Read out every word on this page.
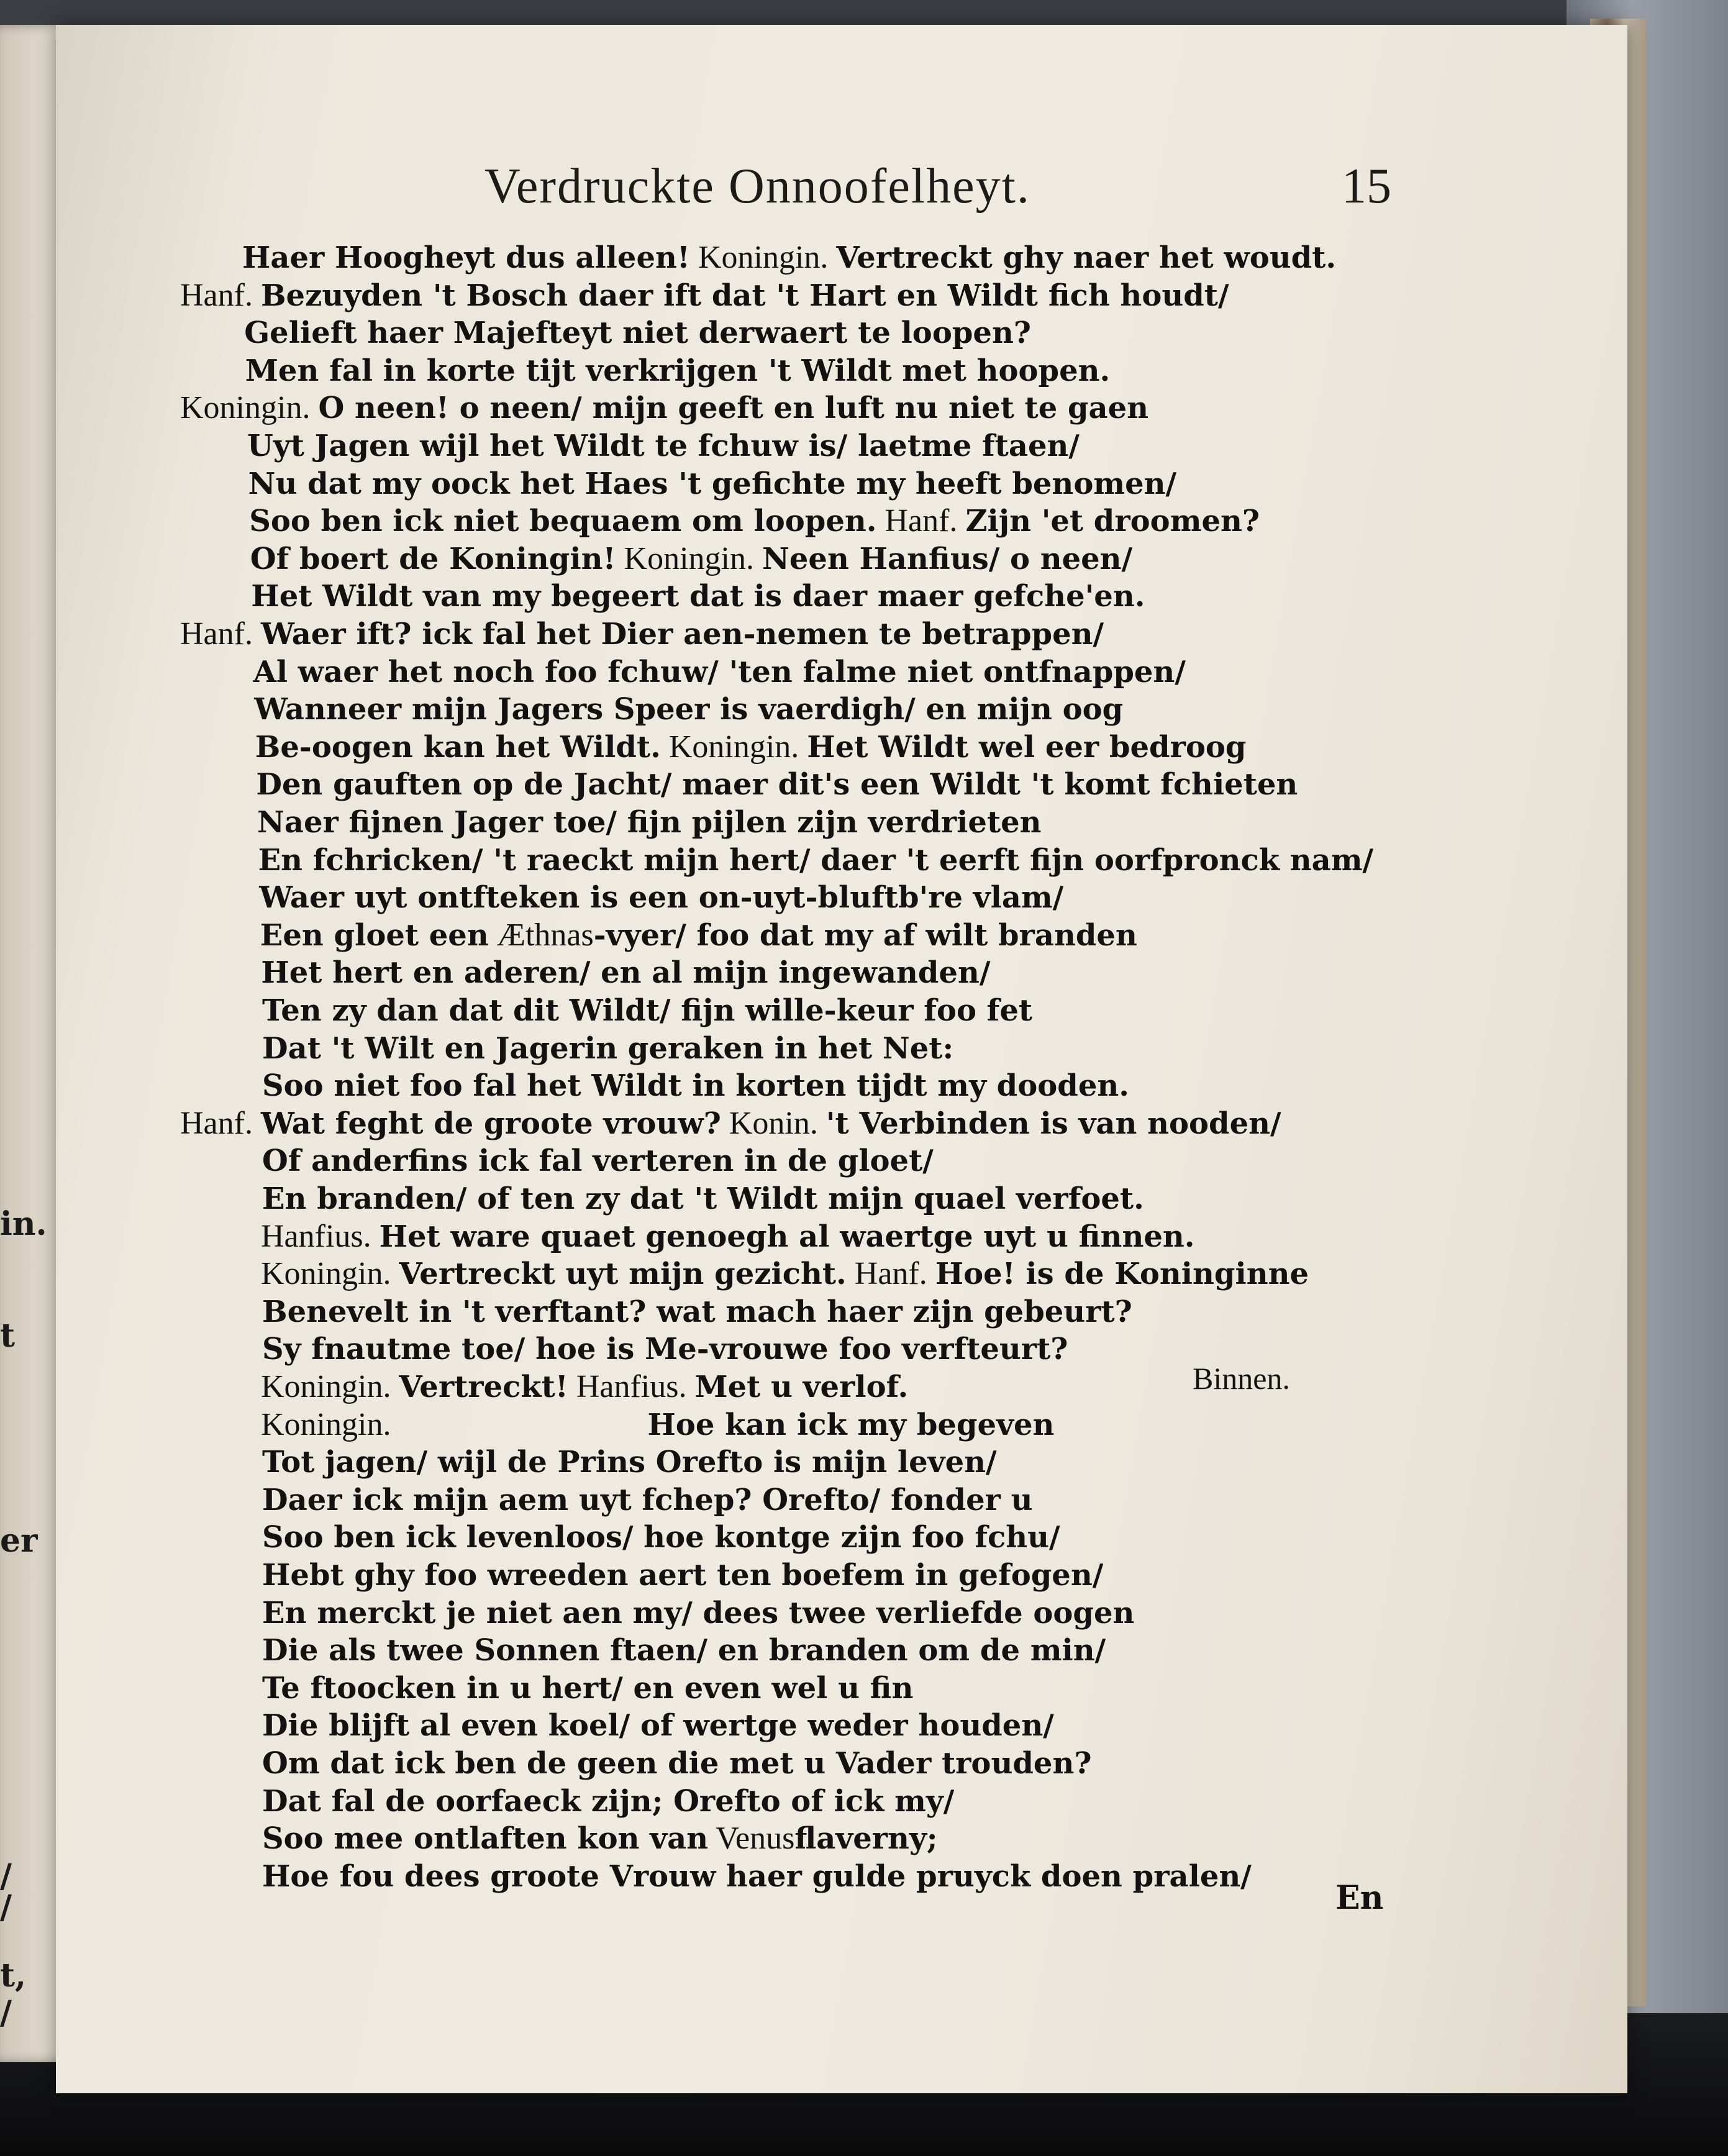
in.
t
er
/
/
t,
/
Verdruckte Onnoofelheyt.	15
Haer Hoogheyt dus alleen! Koningin. Vertreckt ghy naer het woudt.
Hanf. Bezuyden 't Bosch daer ift dat 't Hart en Wildt fich houdt/
Gelieft haer Majefteyt niet derwaert te loopen?
Men fal in korte tijt verkrijgen 't Wildt met hoopen.
Koningin. O neen! o neen/ mijn geeft en luft nu niet te gaen
Uyt Jagen wijl het Wildt te fchuw is/ laetme ftaen/
Nu dat my oock het Haes 't gefichte my heeft benomen/
Soo ben ick niet bequaem om loopen. Hanf. Zijn 'et droomen?
Of boert de Koningin! Koningin. Neen Hanfius/ o neen/
Het Wildt van my begeert dat is daer maer gefche'en.
Hanf. Waer ift? ick fal het Dier aen-nemen te betrappen/
Al waer het noch foo fchuw/ 'ten falme niet ontfnappen/
Wanneer mijn Jagers Speer is vaerdigh/ en mijn oog
Be-oogen kan het Wildt. Koningin. Het Wildt wel eer bedroog
Den gauften op de Jacht/ maer dit's een Wildt 't komt fchieten
Naer fijnen Jager toe/ fijn pijlen zijn verdrieten
En fchricken/ 't raeckt mijn hert/ daer 't eerft fijn oorfpronck nam/
Waer uyt ontfteken is een on-uyt-bluftb're vlam/
Een gloet een Æthnas-vyer/ foo dat my af wilt branden
Het hert en aderen/ en al mijn ingewanden/
Ten zy dan dat dit Wildt/ fijn wille-keur foo fet
Dat 't Wilt en Jagerin geraken in het Net:
Soo niet foo fal het Wildt in korten tijdt my dooden.
Hanf. Wat feght de groote vrouw? Konin. 't Verbinden is van nooden/
Of anderfins ick fal verteren in de gloet/
En branden/ of ten zy dat 't Wildt mijn quael verfoet.
Hanfius. Het ware quaet genoegh al waertge uyt u finnen.
Koningin. Vertreckt uyt mijn gezicht. Hanf. Hoe! is de Koninginne
Benevelt in 't verftant? wat mach haer zijn gebeurt?
Sy fnautme toe/ hoe is Me-vrouwe foo verfteurt?
Koningin. Vertreckt! Hanfius. Met u verlof.
Koningin.	Hoe kan ick my begeven
Tot jagen/ wijl de Prins Orefto is mijn leven/
Daer ick mijn aem uyt fchep? Orefto/ fonder u
Soo ben ick levenloos/ hoe kontge zijn foo fchu/
Hebt ghy foo wreeden aert ten boefem in gefogen/
En merckt je niet aen my/ dees twee verliefde oogen
Die als twee Sonnen ftaen/ en branden om de min/
Te ftoocken in u hert/ en even wel u fin
Die blijft al even koel/ of wertge weder houden/
Om dat ick ben de geen die met u Vader trouden?
Dat fal de oorfaeck zijn; Orefto of ick my/
Soo mee ontlaften kon van Venusflaverny;
Hoe fou dees groote Vrouw haer gulde pruyck doen pralen/
Binnen.
En
